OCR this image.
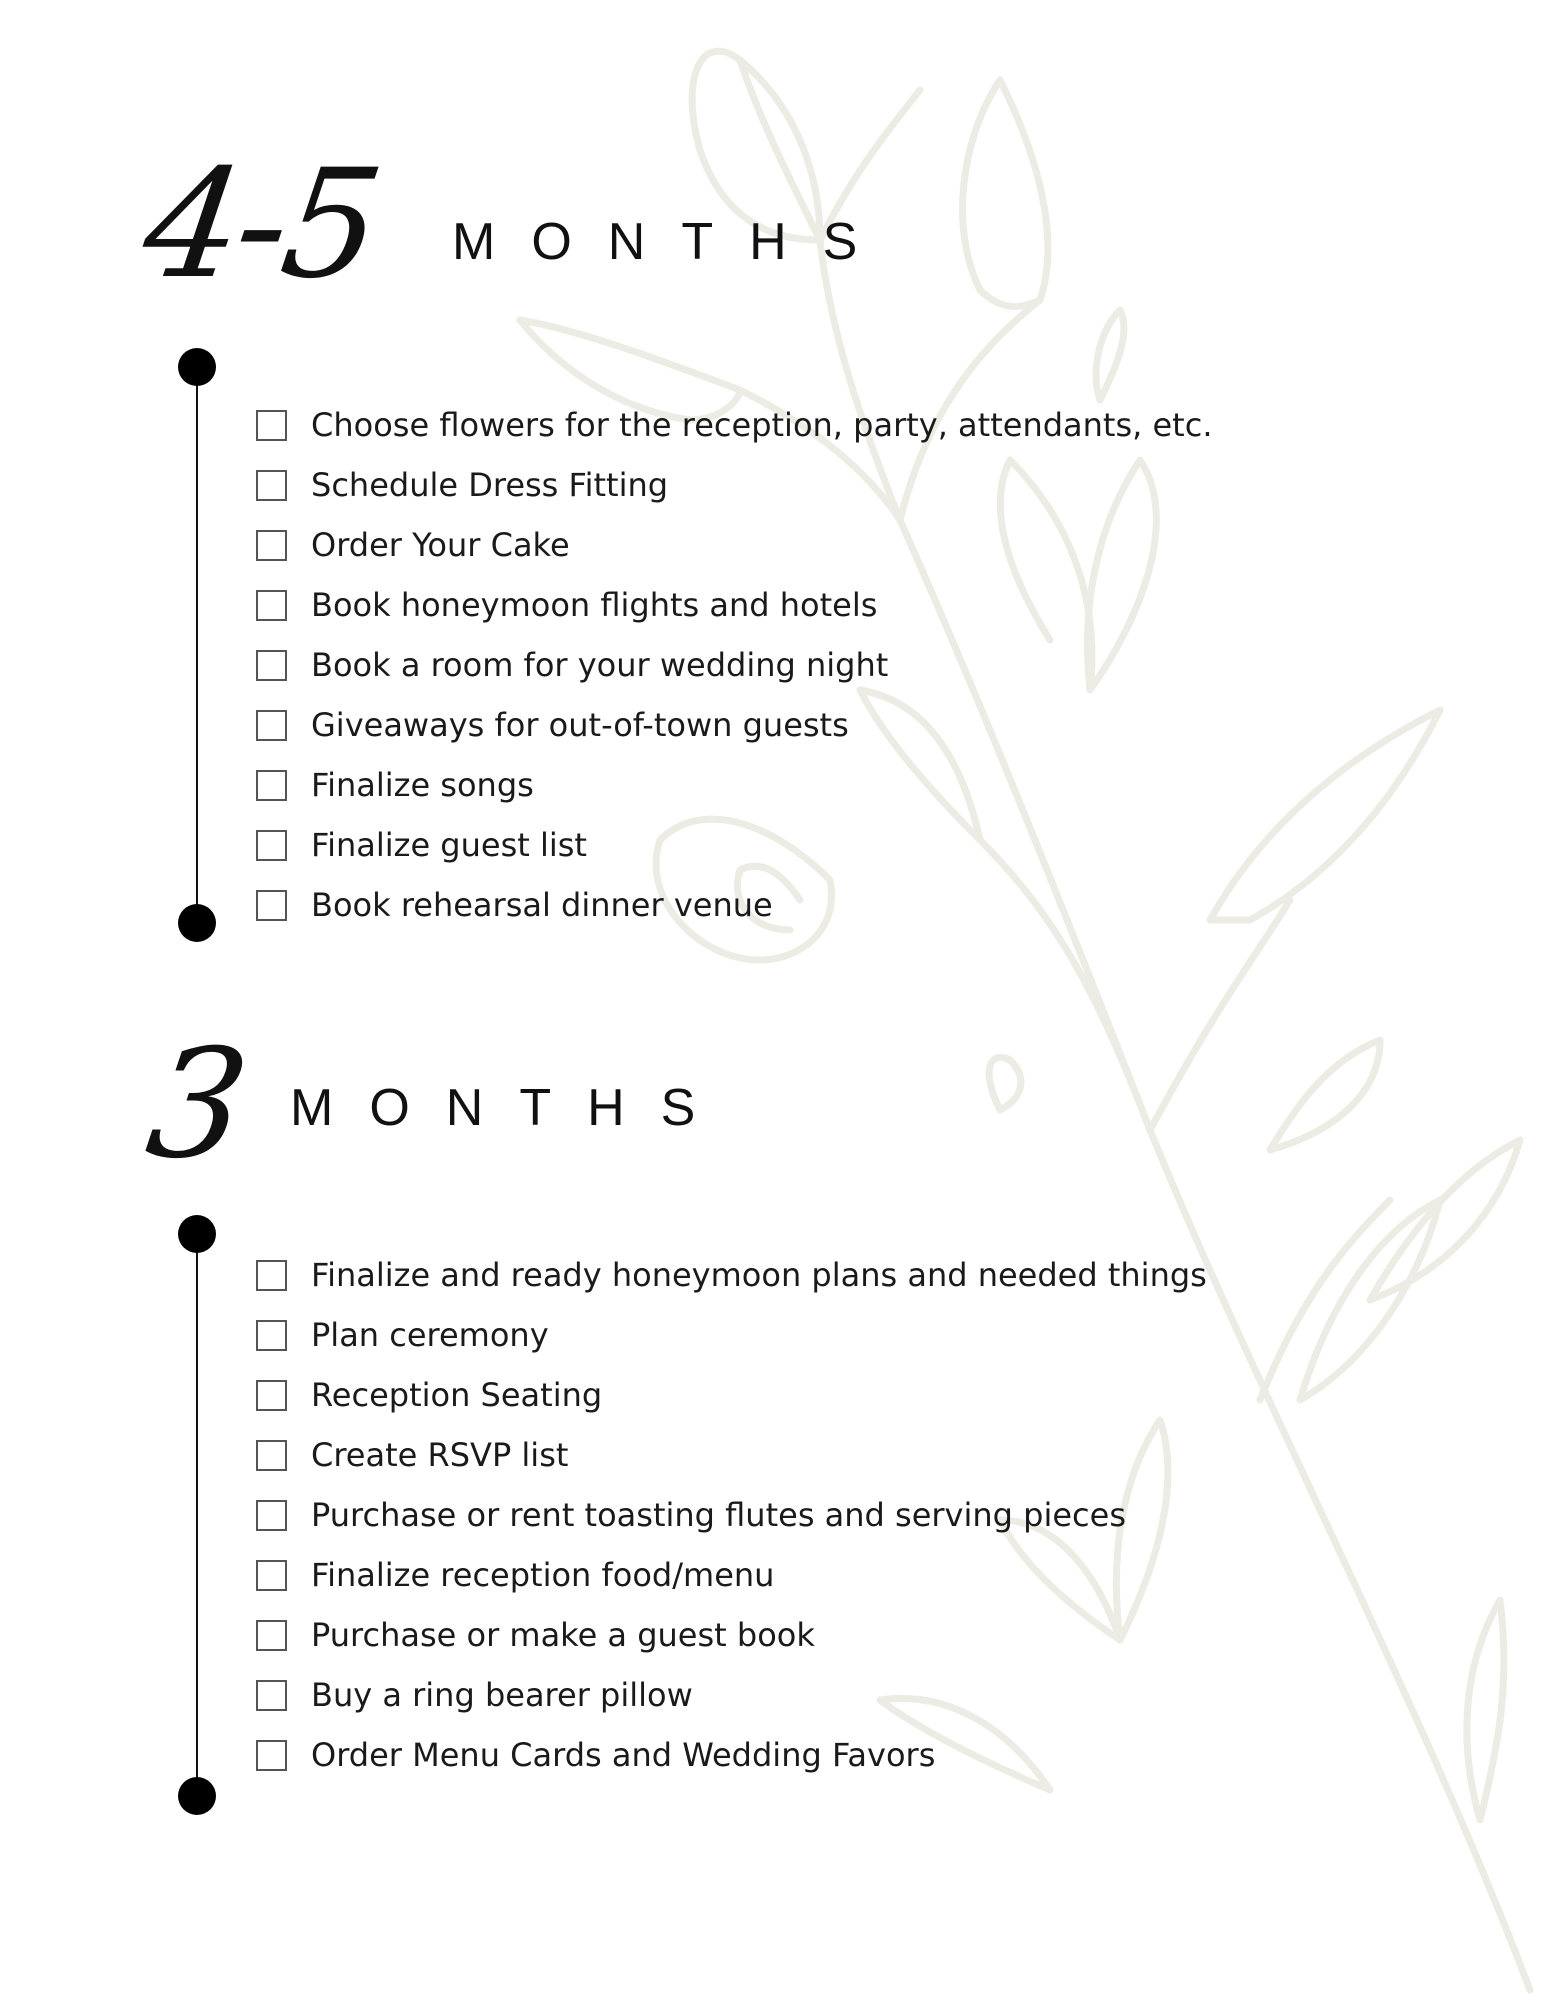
4-5 MONTHS
Choose flowers for the reception, party, attendants, etc.
Schedule Dress Fitting
Order Your Cake
Book honeymoon flights and hotels
Book a room for your wedding night
Giveaways for out-of-town guests
Finalize songs
Finalize guest list
Book rehearsal dinner venue
3 MONTHS
Finalize and ready honeymoon plans and needed things
Plan ceremony
Reception Seating
Create RSVP list
Purchase or rent toasting flutes and serving pieces
Finalize reception food/menu
Purchase or make a guest book
Buy a ring bearer pillow
Order Menu Cards and Wedding Favors
